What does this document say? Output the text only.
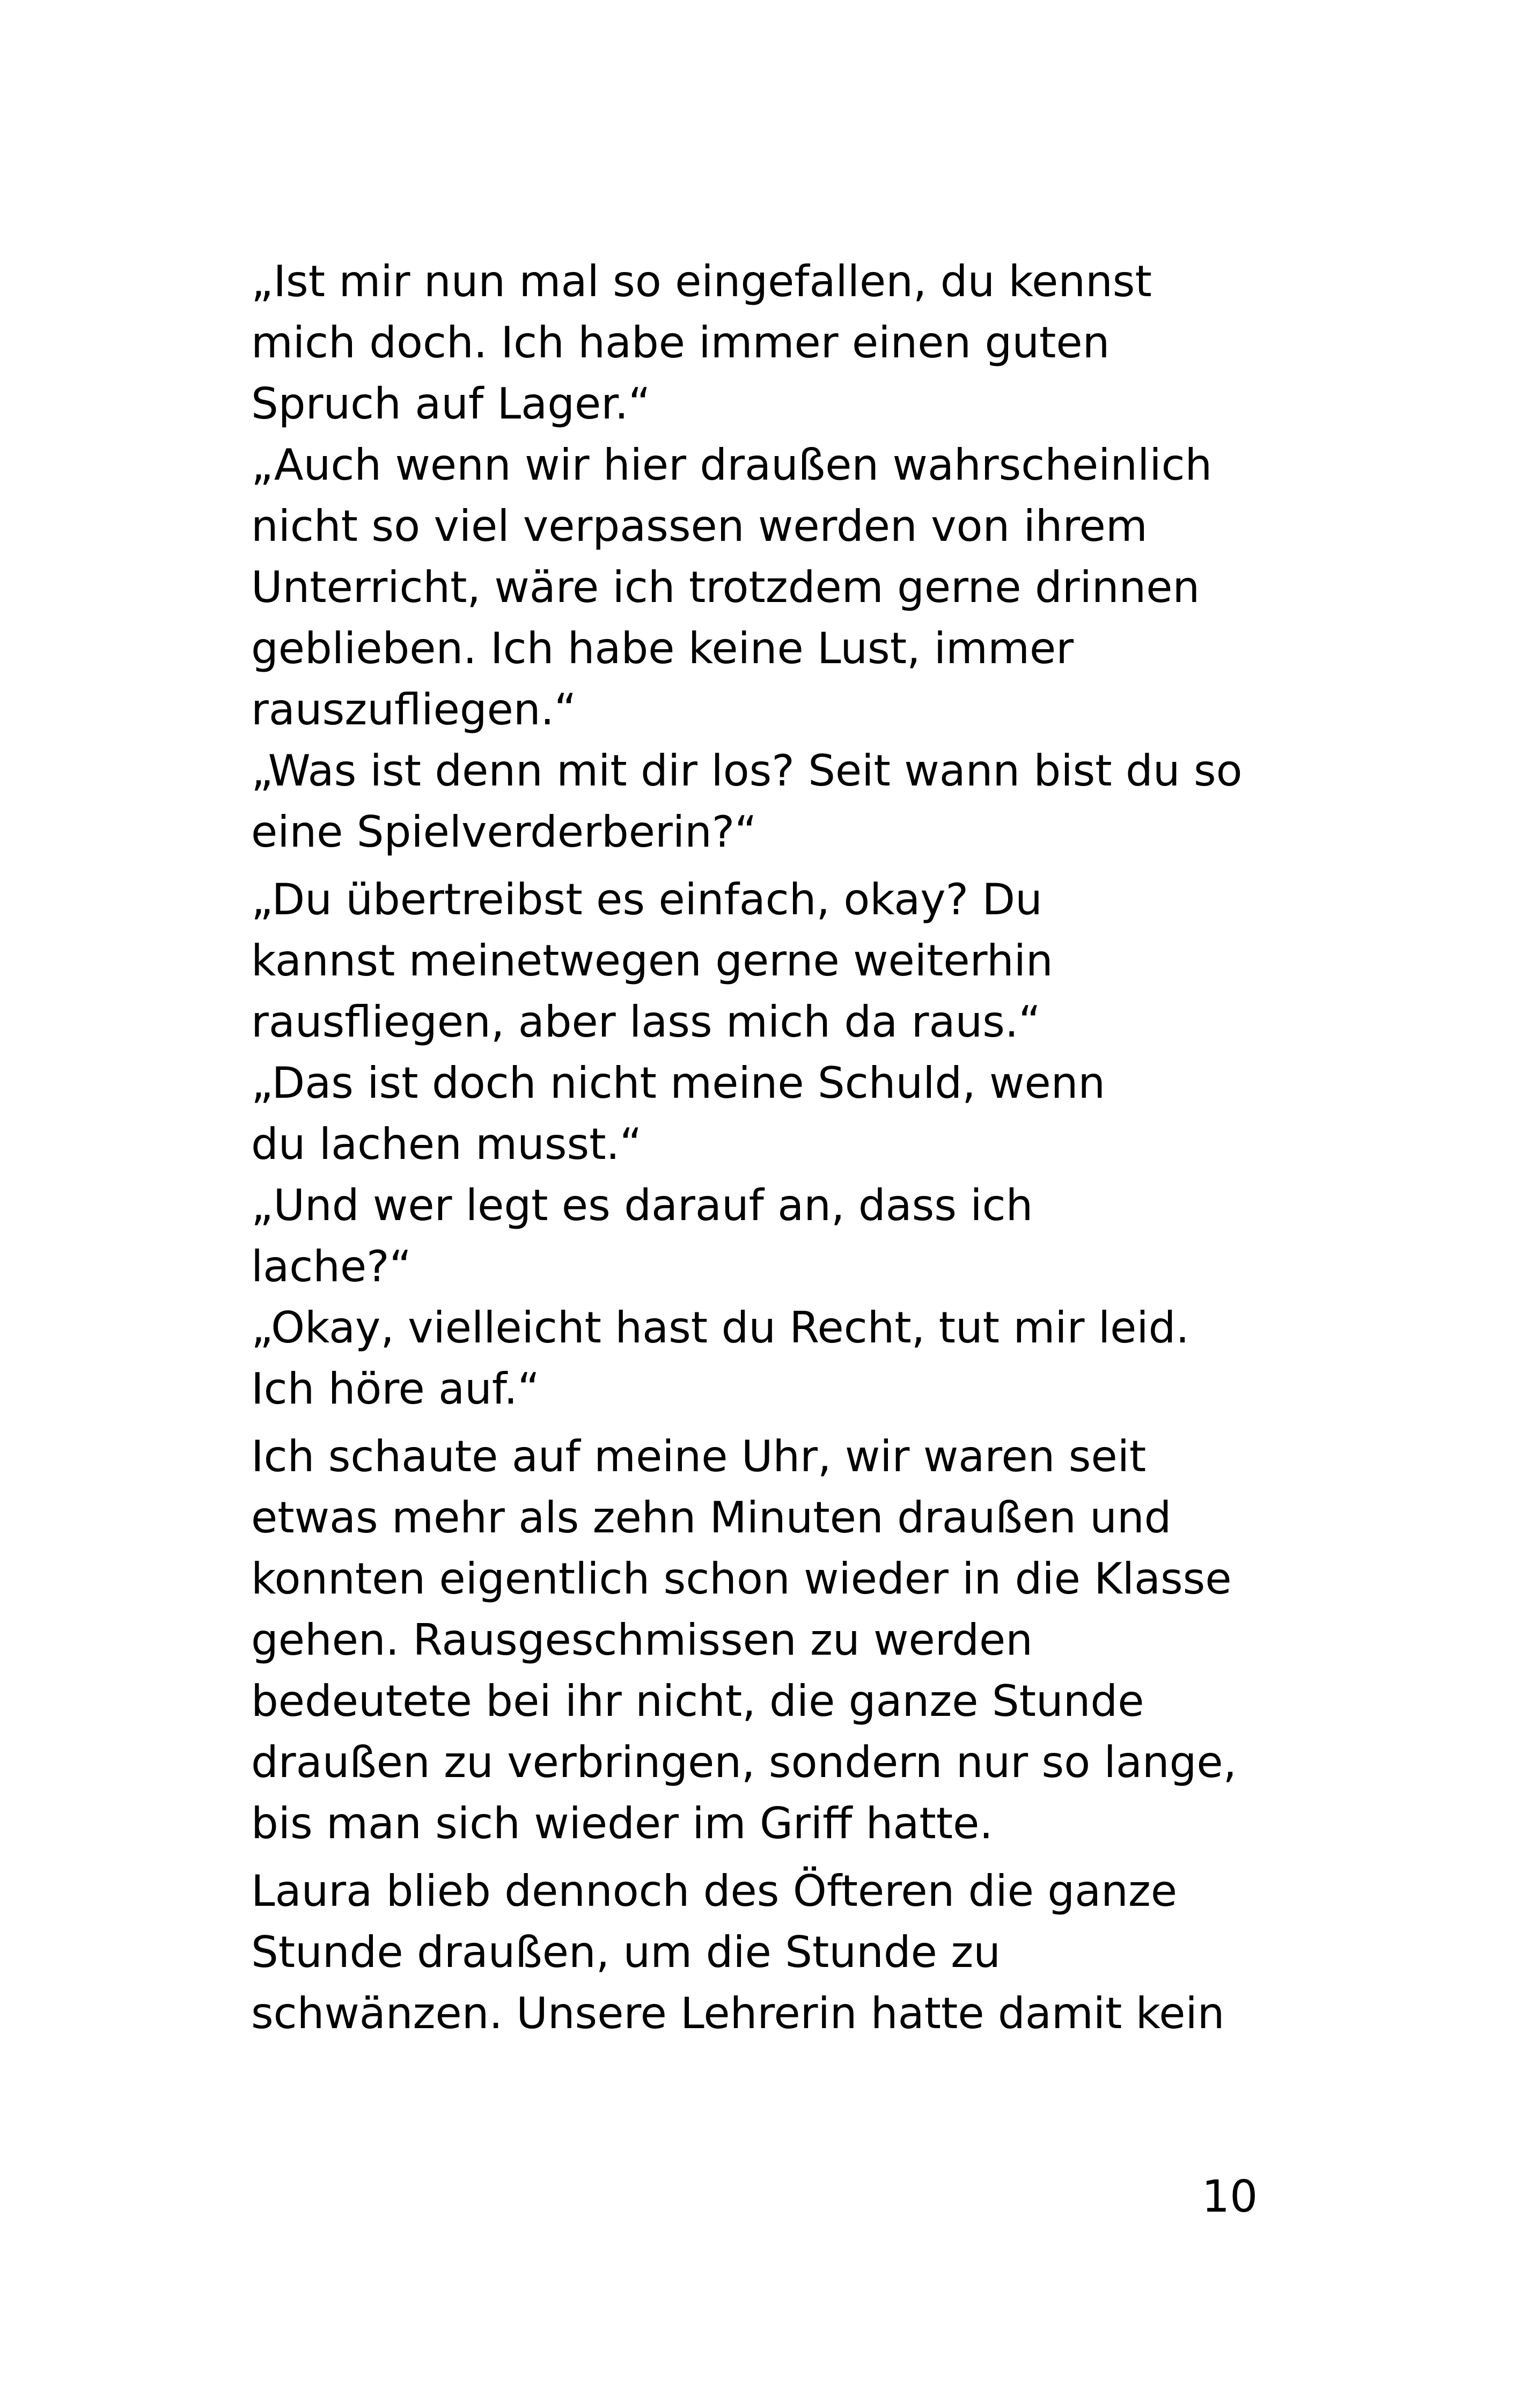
„Ist mir nun mal so eingefallen, du kennst
mich doch. Ich habe immer einen guten
Spruch auf Lager.“
„Auch wenn wir hier draußen wahrscheinlich
nicht so viel verpassen werden von ihrem
Unterricht, wäre ich trotzdem gerne drinnen
geblieben. Ich habe keine Lust, immer
rauszufliegen.“
„Was ist denn mit dir los? Seit wann bist du so
eine Spielverderberin?“
„Du übertreibst es einfach, okay? Du
kannst meinetwegen gerne weiterhin
rausfliegen, aber lass mich da raus.“
„Das ist doch nicht meine Schuld, wenn
du lachen musst.“
„Und wer legt es darauf an, dass ich
lache?“
„Okay, vielleicht hast du Recht, tut mir leid.
Ich höre auf.“
Ich schaute auf meine Uhr, wir waren seit
etwas mehr als zehn Minuten draußen und
konnten eigentlich schon wieder in die Klasse
gehen. Rausgeschmissen zu werden
bedeutete bei ihr nicht, die ganze Stunde
draußen zu verbringen, sondern nur so lange,
bis man sich wieder im Griff hatte.
Laura blieb dennoch des Öfteren die ganze
Stunde draußen, um die Stunde zu
schwänzen. Unsere Lehrerin hatte damit kein
10
